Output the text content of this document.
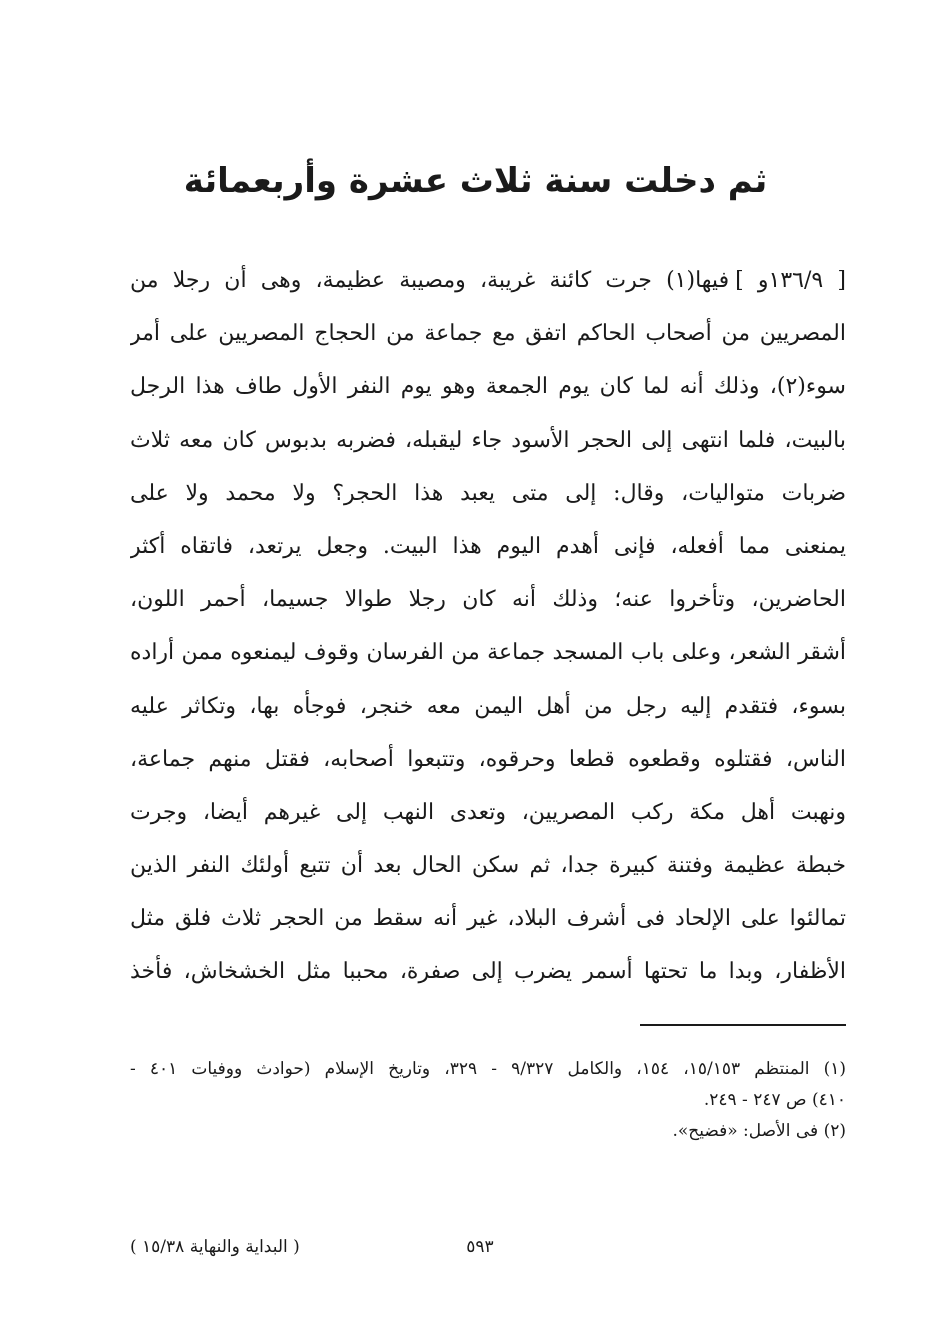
ثم دخلت سنة ثلاث عشرة وأربعمائة
[ ١٣٦/٩و ]فيها(١) جرت كائنة غريبة، ومصيبة عظيمة، وهى أن رجلا من
المصريين من أصحاب الحاكم اتفق مع جماعة من الحجاج المصريين على أمر
سوء(٢)، وذلك أنه لما كان يوم الجمعة وهو يوم النفر الأول طاف هذا الرجل
بالبيت، فلما انتهى إلى الحجر الأسود جاء ليقبله، فضربه بدبوس كان معه ثلاث
ضربات متواليات، وقال: إلى متى يعبد هذا الحجر؟ ولا محمد ولا على
يمنعنى مما أفعله، فإنى أهدم اليوم هذا البيت. وجعل يرتعد، فاتقاه أكثر
الحاضرين، وتأخروا عنه؛ وذلك أنه كان رجلا طوالا جسيما، أحمر اللون،
أشقر الشعر، وعلى باب المسجد جماعة من الفرسان وقوف ليمنعوه ممن أراده
بسوء، فتقدم إليه رجل من أهل اليمن معه خنجر، فوجأه بها، وتكاثر عليه
الناس، فقتلوه وقطعوه قطعا وحرقوه، وتتبعوا أصحابه، فقتل منهم جماعة،
ونهبت أهل مكة ركب المصريين، وتعدى النهب إلى غيرهم أيضا، وجرت
خبطة عظيمة وفتنة كبيرة جدا، ثم سكن الحال بعد أن تتبع أولئك النفر الذين
تمالئوا على الإلحاد فى أشرف البلاد، غير أنه سقط من الحجر ثلاث فلق مثل
الأظفار، وبدا ما تحتها أسمر يضرب إلى صفرة، محببا مثل الخشخاش، فأخذ
(١) المنتظم ١٥/١٥٣، ١٥٤، والكامل ٩/٣٢٧ - ٣٢٩، وتاريخ الإسلام (حوادث ووفيات ٤٠١ -
٤١٠) ص ٢٤٧ - ٢٤٩.
(٢) فى الأصل: «فضيح».
٥٩٣
( البداية والنهاية ١٥/٣٨ )
